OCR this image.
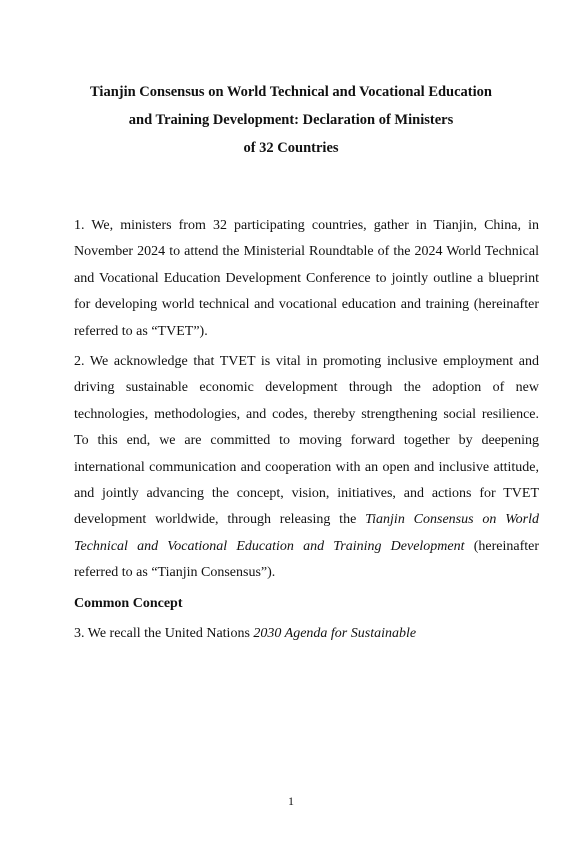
Tianjin Consensus on World Technical and Vocational Education
and Training Development: Declaration of Ministers
of 32 Countries

1. We, ministers from 32 participating countries, gather in Tianjin, China, in November 2024 to attend the Ministerial Roundtable of the 2024 World Technical and Vocational Education Development Conference to jointly outline a blueprint for developing world technical and vocational education and training (hereinafter referred to as “TVET”).

2. We acknowledge that TVET is vital in promoting inclusive employment and driving sustainable economic development through the adoption of new technologies, methodologies, and codes, thereby strengthening social resilience. To this end, we are committed to moving forward together by deepening international communication and cooperation with an open and inclusive attitude, and jointly advancing the concept, vision, initiatives, and actions for TVET development worldwide, through releasing the Tianjin Consensus on World Technical and Vocational Education and Training Development (hereinafter referred to as “Tianjin Consensus”).

Common Concept

3. We recall the United Nations 2030 Agenda for Sustainable

1
